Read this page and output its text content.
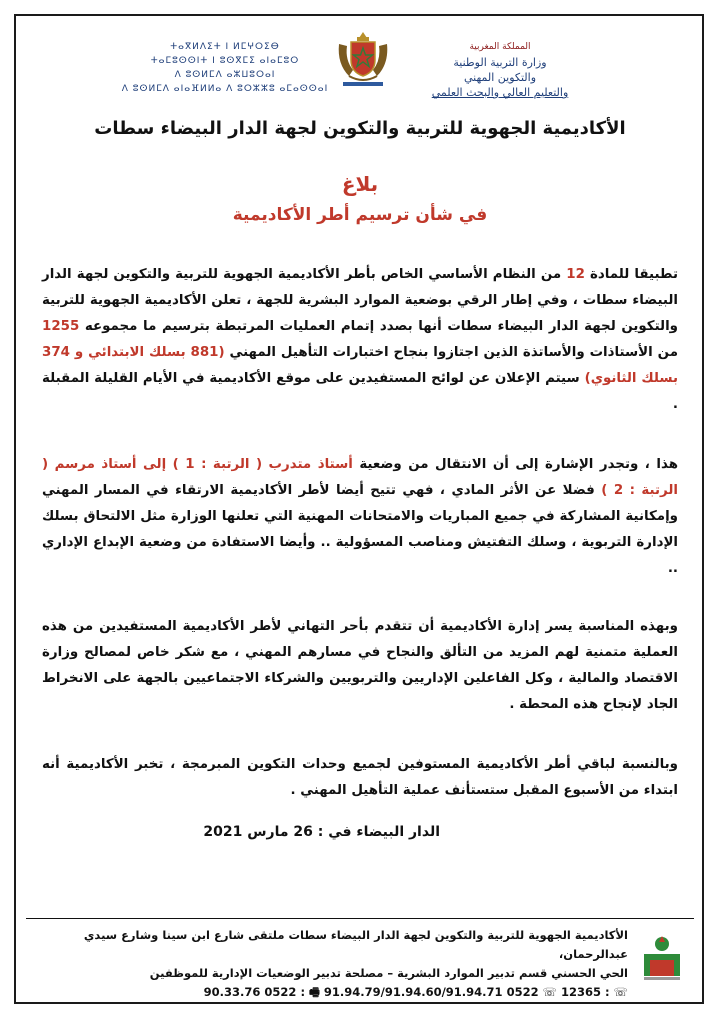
ⵜⴰⴳⵍⴷⵉⵜ ⵏ ⵍⵎⵖⵔⵉⴱ
ⵜⴰⵎⵓⵙⵙⵏⵜ ⵏ ⵓⵙⴳⵎⵉ ⴰⵏⴰⵎⵓⵔ
ⴷ ⵓⵙⵍⵎⴷ ⴰⵣⵡⵓⵔⴰⵏ
ⴷ ⵓⵙⵍⵎⴷ ⴰⵏⴰⴼⵍⵍⴰ ⴷ ⵓⵔⵣⵣⵓ ⴰⵎⴰⵙⵙⴰⵏ
المملكة المغربية
وزارة التربية الوطنية
والتكوين المهني
والتعليم العالي والبحث العلمي
الأكاديمية الجهوية للتربية والتكوين لجهة الدار البيضاء سطات
بلاغ
في شأن ترسيم أطر الأكاديمية
تطبيقا للمادة 12 من النظام الأساسي الخاص بأطر الأكاديمية الجهوية للتربية والتكوين لجهة الدار البيضاء سطات ، وفي إطار الرقي بوضعية الموارد البشرية للجهة ، تعلن الأكاديمية الجهوية للتربية والتكوين لجهة الدار البيضاء سطات أنها بصدد إتمام العمليات المرتبطة بترسيم ما مجموعه 1255 من الأستاذات والأساتذة الذين اجتازوا بنجاح اختبارات التأهيل المهني (881 بسلك الابتدائي و 374 بسلك الثانوي) سيتم الإعلان عن لوائح المستفيدين على موقع الأكاديمية في الأيام القليلة المقبلة .
هذا ، وتجدر الإشارة إلى أن الانتقال من وضعية أستاذ متدرب ( الرتبة : 1 ) إلى أستاذ مرسم ( الرتبة : 2 ) فضلا عن الأثر المادي ، فهي تتيح أيضا لأطر الأكاديمية الارتقاء في المسار المهني وإمكانية المشاركة في جميع المباريات والامتحانات المهنية التي تعلنها الوزارة مثل الالتحاق بسلك الإدارة التربوية ، وسلك التفتيش ومناصب المسؤولية .. وأيضا الاستفادة من وضعية الإبداع الإداري ..
وبهذه المناسبة يسر إدارة الأكاديمية أن تتقدم بأحر التهاني لأطر الأكاديمية المستفيدين من هذه العملية متمنية لهم المزيد من التألق والنجاح في مسارهم المهني ، مع شكر خاص لمصالح وزارة الاقتصاد والمالية ، وكل الفاعلين الإداريين والتربويين والشركاء الاجتماعيين بالجهة على الانخراط الجاد لإنجاح هذه المحطة .
وبالنسبة لباقي أطر الأكاديمية المستوفين لجميع وحدات التكوين المبرمجة ، تخبر الأكاديمية أنه ابتداء من الأسبوع المقبل ستستأنف عملية التأهيل المهني .
الدار البيضاء في : 26 مارس 2021
الأكاديمية الجهوية للتربية والتكوين لجهة الدار البيضاء سطات ملتقى شارع ابن سينا وشارع سيدي عبدالرحمان،
الحي الحسني قسم تدبير الموارد البشرية – مصلحة تدبير الوضعيات الإدارية للموظفين
☏ : 12365 ☏ 0522 91.94.79/91.94.60/91.94.71 🖷 : 0522 90.33.76
